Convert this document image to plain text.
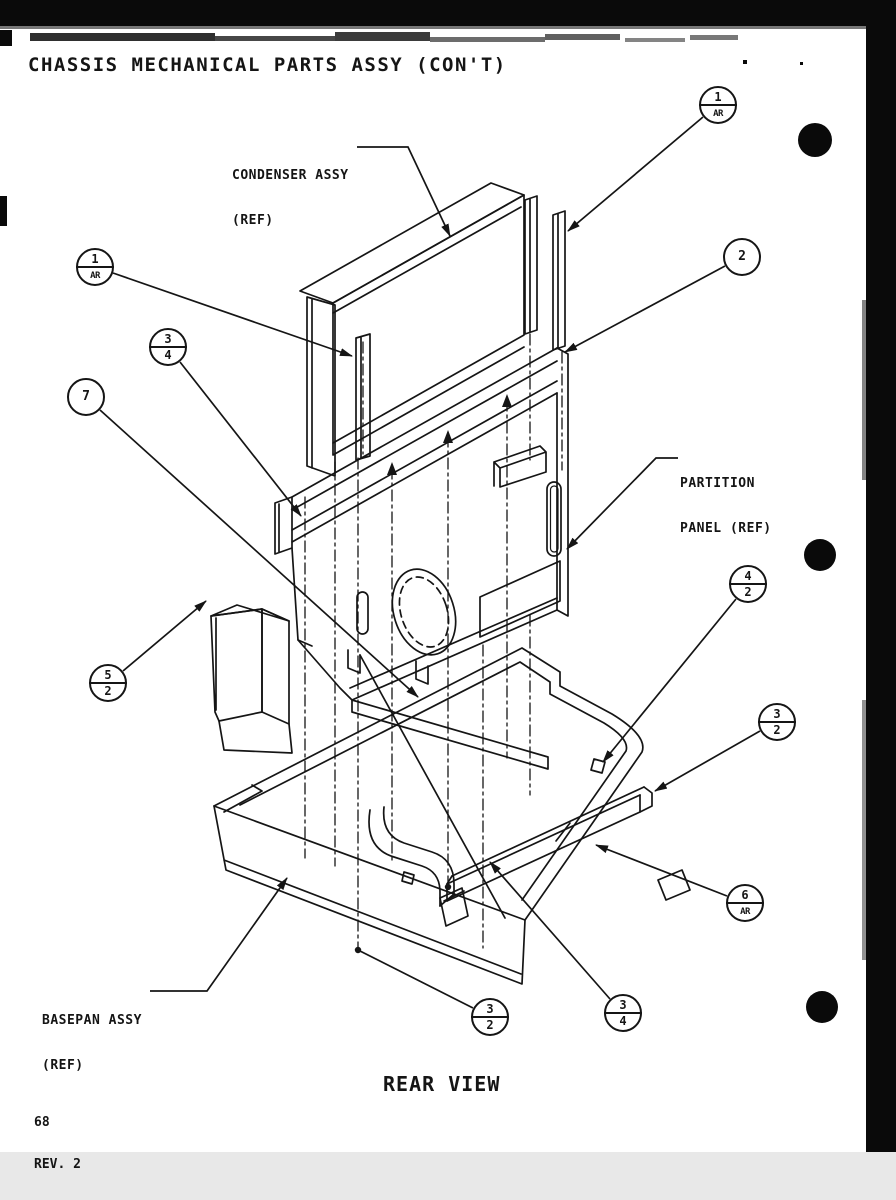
CHASSIS MECHANICAL PARTS ASSY (CON'T)

CONDENSER ASSY

(REF)

PARTITION

PANEL (REF)

BASEPAN ASSY

(REF)

REAR VIEW

68

REV. 2

1
AR
1
AR
2
3
4
7
5
2
4
2
3
2
6
AR
3
2
3
4
